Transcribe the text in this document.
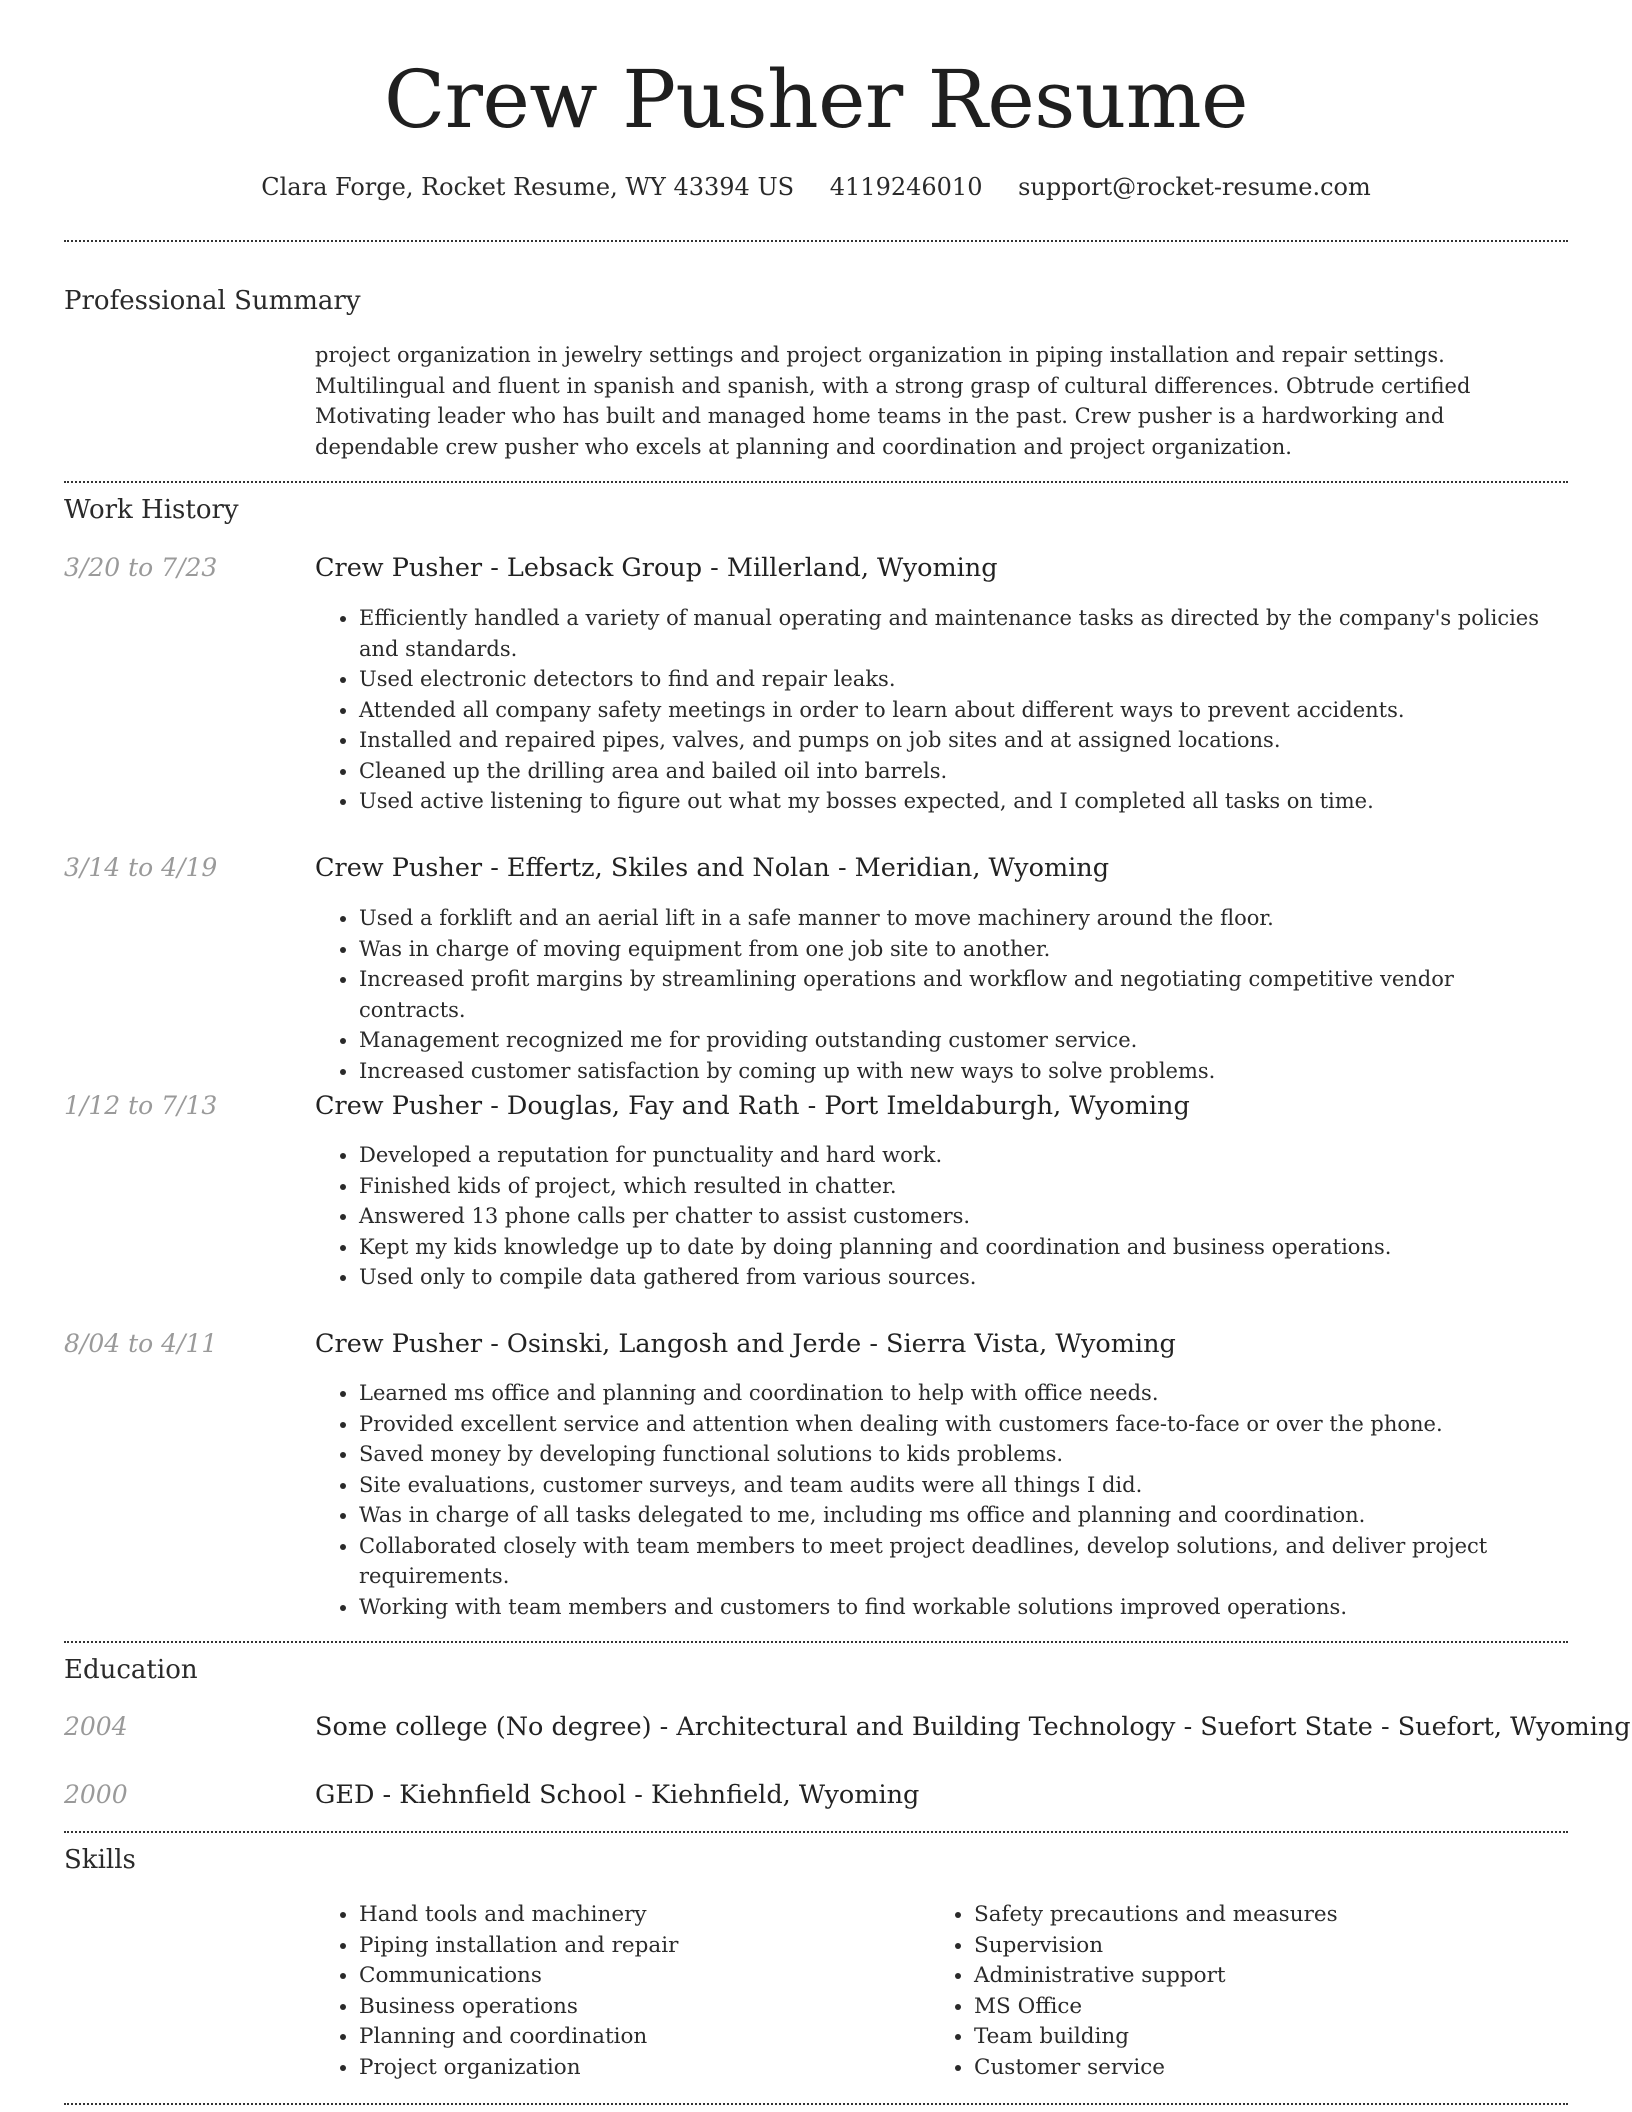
Crew Pusher Resume
Clara Forge, Rocket Resume, WY 43394 US 4119246010 support@rocket-resume.com
Professional Summary
project organization in jewelry settings and project organization in piping installation and repair settings. Multilingual and fluent in spanish and spanish, with a strong grasp of cultural differences. Obtrude certified Motivating leader who has built and managed home teams in the past. Crew pusher is a hardworking and dependable crew pusher who excels at planning and coordination and project organization.
Work History
3/20 to 7/23	Crew Pusher - Lebsack Group - Millerland, Wyoming
• Efficiently handled a variety of manual operating and maintenance tasks as directed by the company's policies and standards.
• Used electronic detectors to find and repair leaks.
• Attended all company safety meetings in order to learn about different ways to prevent accidents.
• Installed and repaired pipes, valves, and pumps on job sites and at assigned locations.
• Cleaned up the drilling area and bailed oil into barrels.
• Used active listening to figure out what my bosses expected, and I completed all tasks on time.
3/14 to 4/19	Crew Pusher - Effertz, Skiles and Nolan - Meridian, Wyoming
• Used a forklift and an aerial lift in a safe manner to move machinery around the floor.
• Was in charge of moving equipment from one job site to another.
• Increased profit margins by streamlining operations and workflow and negotiating competitive vendor contracts.
• Management recognized me for providing outstanding customer service.
• Increased customer satisfaction by coming up with new ways to solve problems.
1/12 to 7/13	Crew Pusher - Douglas, Fay and Rath - Port Imeldaburgh, Wyoming
• Developed a reputation for punctuality and hard work.
• Finished kids of project, which resulted in chatter.
• Answered 13 phone calls per chatter to assist customers.
• Kept my kids knowledge up to date by doing planning and coordination and business operations.
• Used only to compile data gathered from various sources.
8/04 to 4/11	Crew Pusher - Osinski, Langosh and Jerde - Sierra Vista, Wyoming
• Learned ms office and planning and coordination to help with office needs.
• Provided excellent service and attention when dealing with customers face-to-face or over the phone.
• Saved money by developing functional solutions to kids problems.
• Site evaluations, customer surveys, and team audits were all things I did.
• Was in charge of all tasks delegated to me, including ms office and planning and coordination.
• Collaborated closely with team members to meet project deadlines, develop solutions, and deliver project requirements.
• Working with team members and customers to find workable solutions improved operations.
Education
2004	Some college (No degree) - Architectural and Building Technology - Suefort State - Suefort, Wyoming
2000	GED - Kiehnfield School - Kiehnfield, Wyoming
Skills
• Hand tools and machinery
• Piping installation and repair
• Communications
• Business operations
• Planning and coordination
• Project organization
• Safety precautions and measures
• Supervision
• Administrative support
• MS Office
• Team building
• Customer service
